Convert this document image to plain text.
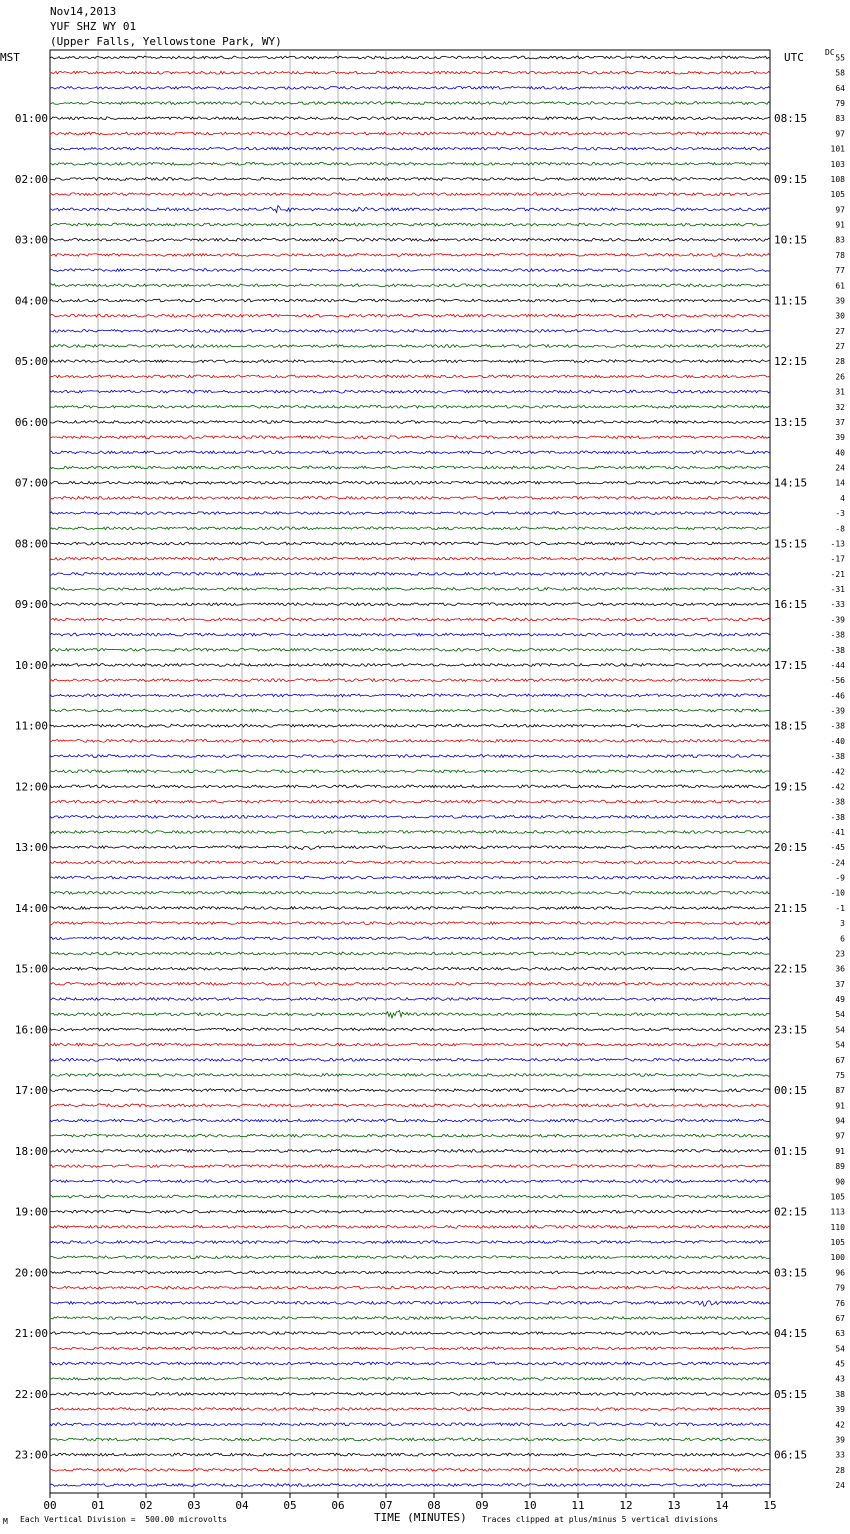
Nov14,2013
YUF SHZ WY 01
(Upper Falls, Yellowstone Park, WY)
MST	UTC	DC
00	01	02	03	04	05	06	07	08	09	10	11	12	13	14	15
55
58
64
79
83
97
101
103
108
105
97
91
83
78
77
61
39
30
27
27
28
26
31
32
37
39
40
24
14
4
-3
-8
-13
-17
-21
-31
-33
-39
-38
-38
-44
-56
-46
-39
-38
-40
-38
-42
-42
-38
-38
-41
-45
-24
-9
-10
-1
3
6
23
36
37
49
54
54
54
67
75
87
91
94
97
91
89
90
105
113
110
105
100
96
79
76
67
63
54
45
43
38
39
42
39
33
28
24
01:00
02:00
03:00
04:00
05:00
06:00
07:00
08:00
09:00
10:00
11:00
12:00
13:00
14:00
15:00
16:00
17:00
18:00
19:00
20:00
21:00
22:00
23:00
08:15
09:15
10:15
11:15
12:15
13:15
14:15
15:15
16:15
17:15
18:15
19:15
20:15
21:15
22:15
23:15
00:15
01:15
02:15
03:15
04:15
05:15
06:15
M Each Vertical Division =  500.00 microvolts	TIME (MINUTES) Traces clipped at plus/minus 5 vertical divisions
